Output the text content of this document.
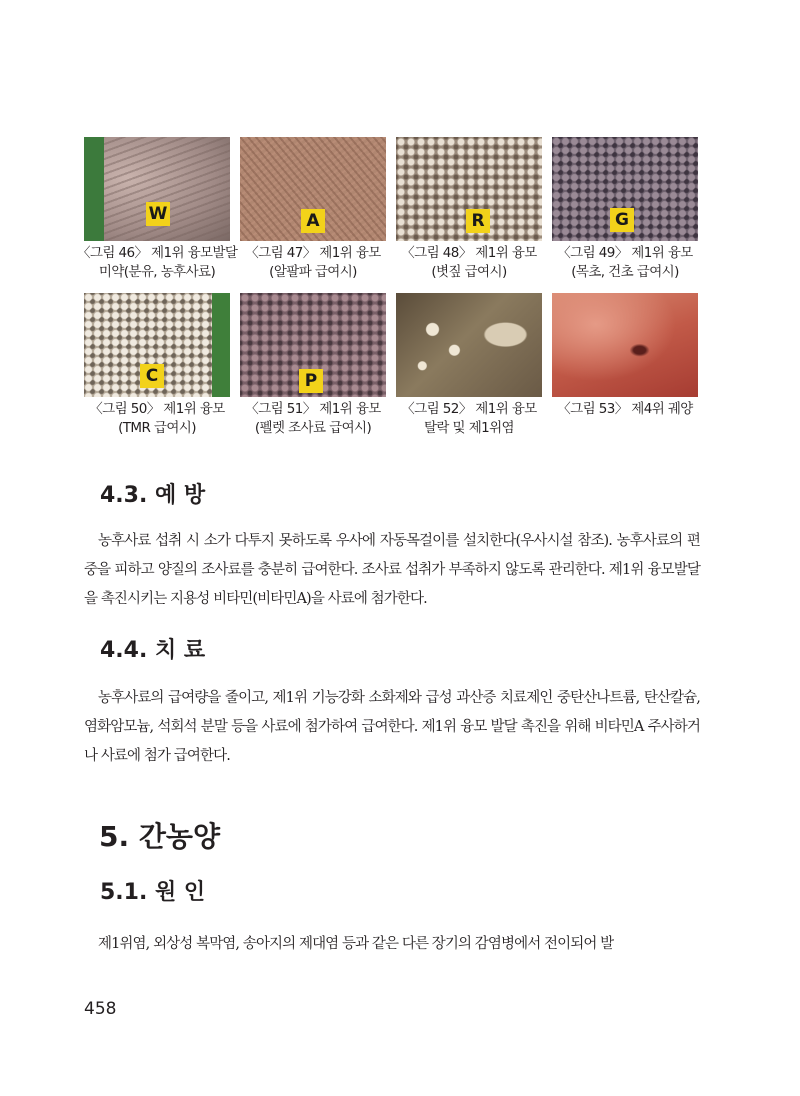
W
〈그림 46〉 제1위 융모발달
미약(분유, 농후사료)
A
〈그림 47〉 제1위 융모
(알팔파 급여시)
R
〈그림 48〉 제1위 융모
(볏짚 급여시)
G
〈그림 49〉 제1위 융모
(목초, 건초 급여시)
C
〈그림 50〉 제1위 융모
(TMR 급여시)
P
〈그림 51〉 제1위 융모
(펠렛 조사료 급여시)
〈그림 52〉 제1위 융모
탈락 및 제1위염
〈그림 53〉 제4위 궤양
4.3. 예 방

농후사료 섭취 시 소가 다투지 못하도록 우사에 자동목걸이를 설치한다(우사시설 참조). 농후사료의 편중을 피하고 양질의 조사료를 충분히 급여한다. 조사료 섭취가 부족하지 않도록 관리한다. 제1위 융모발달을 촉진시키는 지용성 비타민(비타민A)을 사료에 첨가한다.

4.4. 치 료

농후사료의 급여량을 줄이고, 제1위 기능강화 소화제와 급성 과산증 치료제인 중탄산나트륨, 탄산칼슘, 염화암모늄, 석회석 분말 등을 사료에 첨가하여 급여한다. 제1위 융모 발달 촉진을 위해 비타민A 주사하거나 사료에 첨가 급여한다.

5. 간농양
5.1. 원 인

제1위염, 외상성 복막염, 송아지의 제대염 등과 같은 다른 장기의 감염병에서 전이되어 발

458
